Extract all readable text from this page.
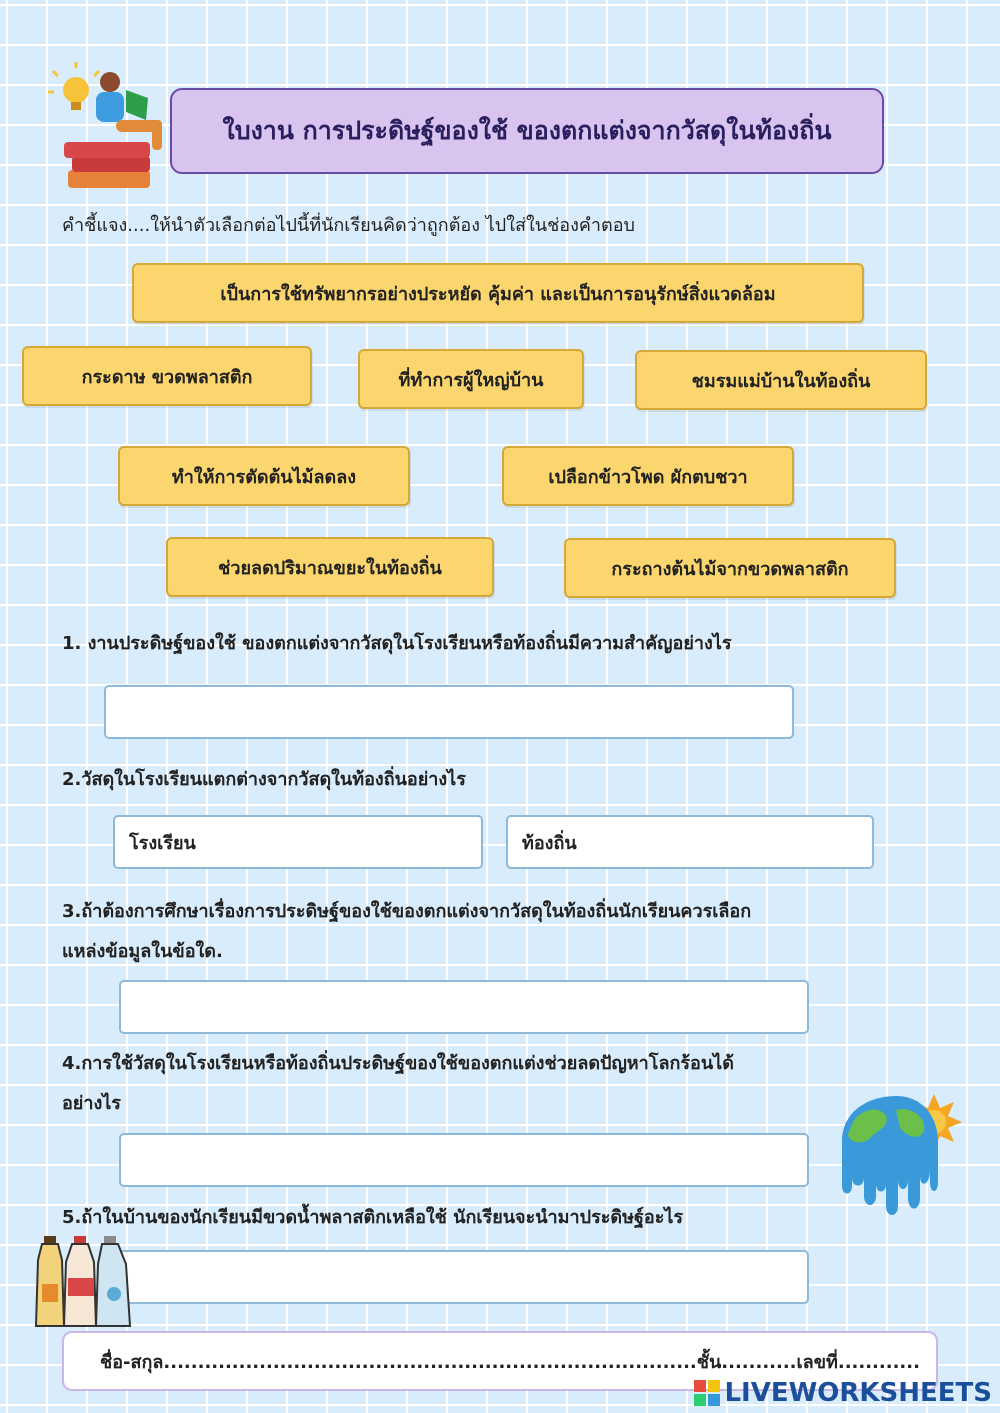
ใบงาน การประดิษฐ์ของใช้ ของตกแต่งจากวัสดุในท้องถิ่น
คำชี้แจง....ให้นำตัวเลือกต่อไปนี้ที่นักเรียนคิดว่าถูกต้อง ไปใส่ในช่องคำตอบ
เป็นการใช้ทรัพยากรอย่างประหยัด คุ้มค่า และเป็นการอนุรักษ์สิ่งแวดล้อม
กระดาษ ขวดพลาสติก	ที่ทำการผู้ใหญ่บ้าน	ชมรมแม่บ้านในท้องถิ่น
ทำให้การตัดต้นไม้ลดลง	เปลือกข้าวโพด ผักตบชวา
ช่วยลดปริมาณขยะในท้องถิ่น	กระถางต้นไม้จากขวดพลาสติก
1. งานประดิษฐ์ของใช้ ของตกแต่งจากวัสดุในโรงเรียนหรือท้องถิ่นมีความสำคัญอย่างไร
2.วัสดุในโรงเรียนแตกต่างจากวัสดุในท้องถิ่นอย่างไร
โรงเรียน	ท้องถิ่น
3.ถ้าต้องการศึกษาเรื่องการประดิษฐ์ของใช้ของตกแต่งจากวัสดุในท้องถิ่นนักเรียนควรเลือก
แหล่งข้อมูลในข้อใด.
4.การใช้วัสดุในโรงเรียนหรือท้องถิ่นประดิษฐ์ของใช้ของตกแต่งช่วยลดปัญหาโลกร้อนได้
อย่างไร
5.ถ้าในบ้านของนักเรียนมีขวดน้ำพลาสติกเหลือใช้ นักเรียนจะนำมาประดิษฐ์อะไร
ชื่อ-สกุล..............................................................................ชั้น...........เลขที่............
LIVEWORKSHEETS
